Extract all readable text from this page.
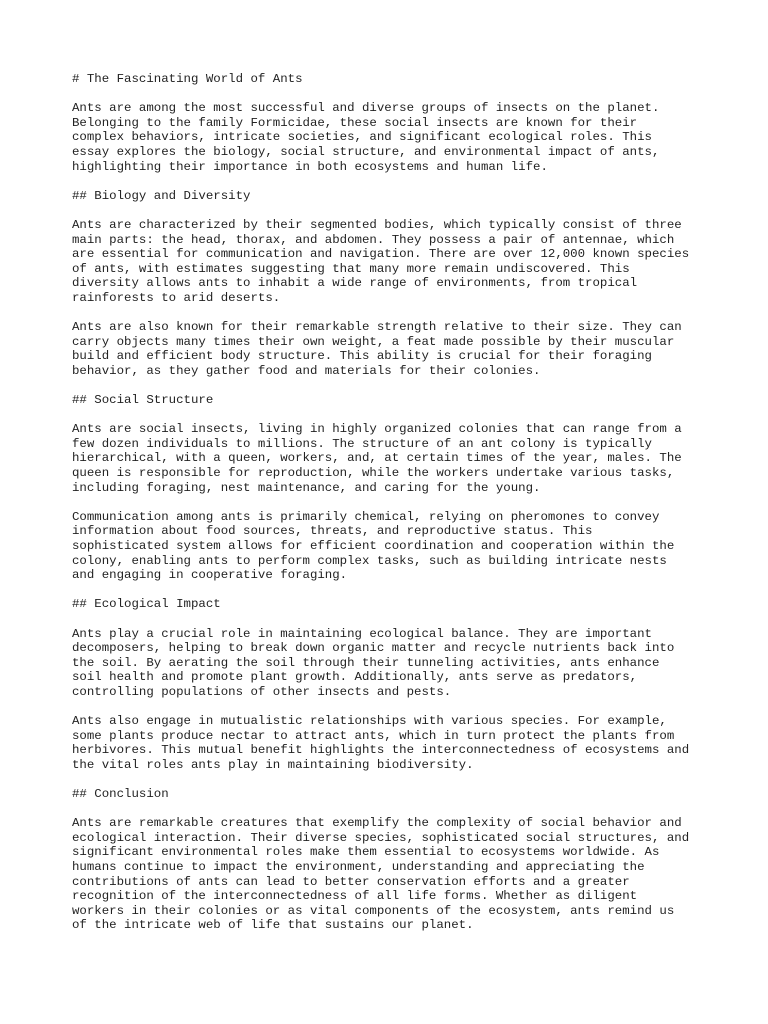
# The Fascinating World of Ants

Ants are among the most successful and diverse groups of insects on the planet.
Belonging to the family Formicidae, these social insects are known for their
complex behaviors, intricate societies, and significant ecological roles. This
essay explores the biology, social structure, and environmental impact of ants,
highlighting their importance in both ecosystems and human life.

## Biology and Diversity

Ants are characterized by their segmented bodies, which typically consist of three
main parts: the head, thorax, and abdomen. They possess a pair of antennae, which
are essential for communication and navigation. There are over 12,000 known species
of ants, with estimates suggesting that many more remain undiscovered. This
diversity allows ants to inhabit a wide range of environments, from tropical
rainforests to arid deserts.

Ants are also known for their remarkable strength relative to their size. They can
carry objects many times their own weight, a feat made possible by their muscular
build and efficient body structure. This ability is crucial for their foraging
behavior, as they gather food and materials for their colonies.

## Social Structure

Ants are social insects, living in highly organized colonies that can range from a
few dozen individuals to millions. The structure of an ant colony is typically
hierarchical, with a queen, workers, and, at certain times of the year, males. The
queen is responsible for reproduction, while the workers undertake various tasks,
including foraging, nest maintenance, and caring for the young.

Communication among ants is primarily chemical, relying on pheromones to convey
information about food sources, threats, and reproductive status. This
sophisticated system allows for efficient coordination and cooperation within the
colony, enabling ants to perform complex tasks, such as building intricate nests
and engaging in cooperative foraging.

## Ecological Impact

Ants play a crucial role in maintaining ecological balance. They are important
decomposers, helping to break down organic matter and recycle nutrients back into
the soil. By aerating the soil through their tunneling activities, ants enhance
soil health and promote plant growth. Additionally, ants serve as predators,
controlling populations of other insects and pests.

Ants also engage in mutualistic relationships with various species. For example,
some plants produce nectar to attract ants, which in turn protect the plants from
herbivores. This mutual benefit highlights the interconnectedness of ecosystems and
the vital roles ants play in maintaining biodiversity.

## Conclusion

Ants are remarkable creatures that exemplify the complexity of social behavior and
ecological interaction. Their diverse species, sophisticated social structures, and
significant environmental roles make them essential to ecosystems worldwide. As
humans continue to impact the environment, understanding and appreciating the
contributions of ants can lead to better conservation efforts and a greater
recognition of the interconnectedness of all life forms. Whether as diligent
workers in their colonies or as vital components of the ecosystem, ants remind us
of the intricate web of life that sustains our planet.
